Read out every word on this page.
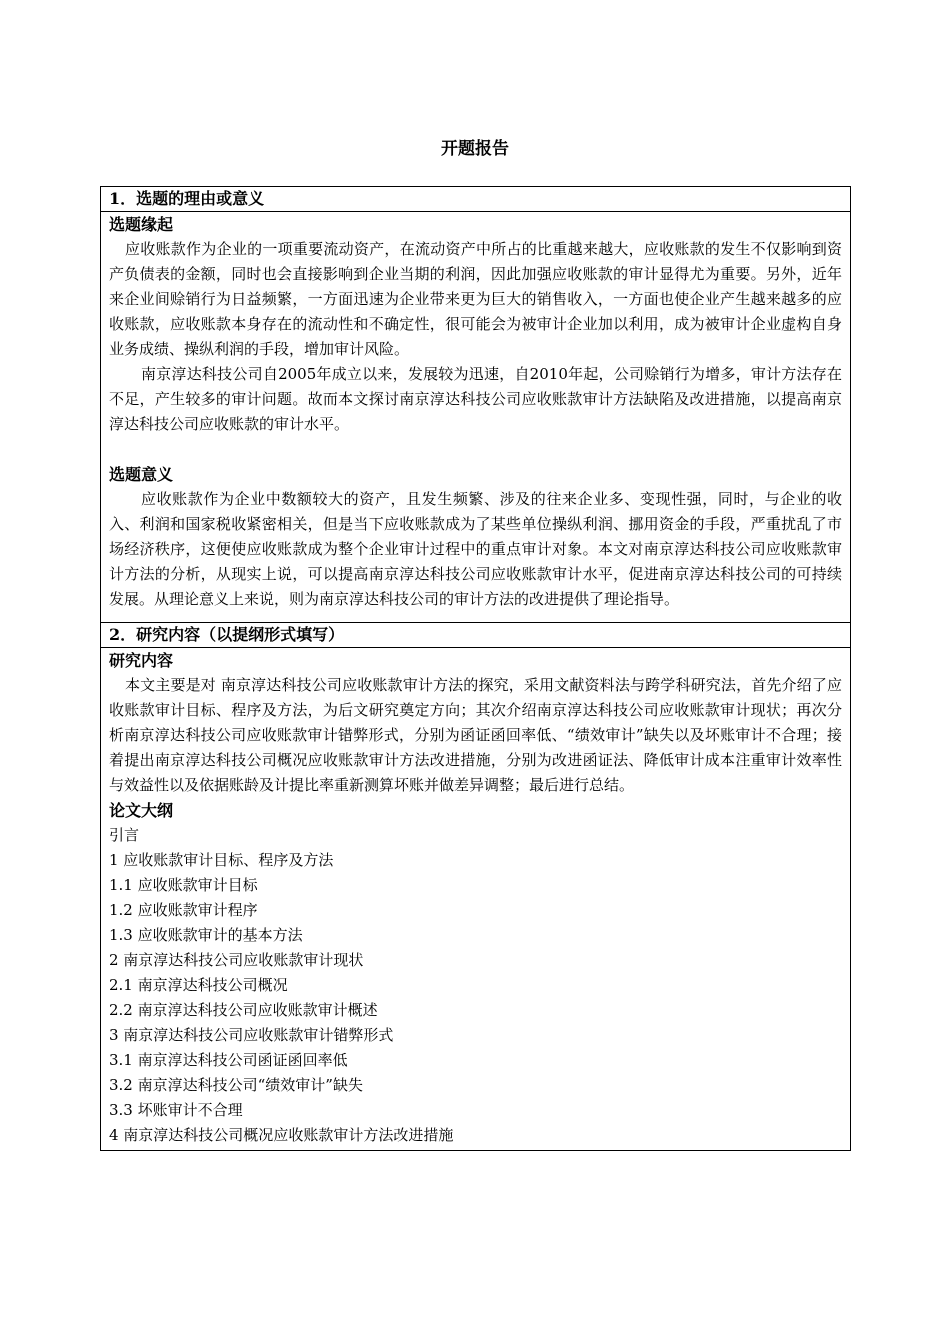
开题报告
1．选题的理由或意义

选题缘起

应收账款作为企业的一项重要流动资产，在流动资产中所占的比重越来越大，应收账款的发生不仅影响到资产负债表的金额，同时也会直接影响到企业当期的利润，因此加强应收账款的审计显得尤为重要。另外，近年来企业间赊销行为日益频繁，一方面迅速为企业带来更为巨大的销售收入，一方面也使企业产生越来越多的应收账款，应收账款本身存在的流动性和不确定性，很可能会为被审计企业加以利用，成为被审计企业虚构自身业务成绩、操纵利润的手段，增加审计风险。

南京淳达科技公司自2005年成立以来，发展较为迅速，自2010年起，公司赊销行为增多，审计方法存在不足，产生较多的审计问题。故而本文探讨南京淳达科技公司应收账款审计方法缺陷及改进措施，以提高南京淳达科技公司应收账款的审计水平。

选题意义

应收账款作为企业中数额较大的资产，且发生频繁、涉及的往来企业多、变现性强，同时，与企业的收入、利润和国家税收紧密相关，但是当下应收账款成为了某些单位操纵利润、挪用资金的手段，严重扰乱了市场经济秩序，这便使应收账款成为整个企业审计过程中的重点审计对象。本文对南京淳达科技公司应收账款审计方法的分析，从现实上说，可以提高南京淳达科技公司应收账款审计水平，促进南京淳达科技公司的可持续发展。从理论意义上来说，则为南京淳达科技公司的审计方法的改进提供了理论指导。

2．研究内容（以提纲形式填写）

研究内容

本文主要是对 南京淳达科技公司应收账款审计方法的探究，采用文献资料法与跨学科研究法，首先介绍了应收账款审计目标、程序及方法，为后文研究奠定方向；其次介绍南京淳达科技公司应收账款审计现状；再次分析南京淳达科技公司应收账款审计错弊形式，分别为函证函回率低、“绩效审计”缺失以及坏账审计不合理；接着提出南京淳达科技公司概况应收账款审计方法改进措施，分别为改进函证法、降低审计成本注重审计效率性与效益性以及依据账龄及计提比率重新测算坏账并做差异调整；最后进行总结。

论文大纲
引言
1 应收账款审计目标、程序及方法
1.1 应收账款审计目标
1.2 应收账款审计程序
1.3 应收账款审计的基本方法
2 南京淳达科技公司应收账款审计现状
2.1 南京淳达科技公司概况
2.2 南京淳达科技公司应收账款审计概述
3 南京淳达科技公司应收账款审计错弊形式
3.1 南京淳达科技公司函证函回率低
3.2 南京淳达科技公司“绩效审计”缺失
3.3 坏账审计不合理
4 南京淳达科技公司概况应收账款审计方法改进措施
